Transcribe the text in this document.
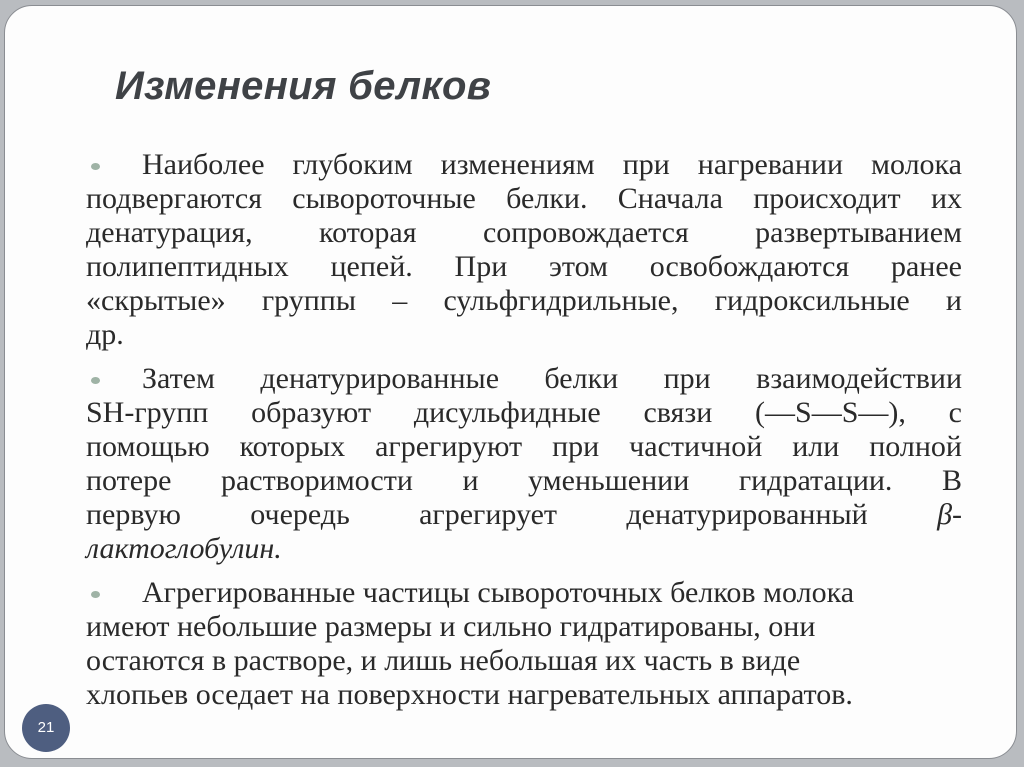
Изменения белков
Наиболее глубоким изменениям при нагревании молока
подвергаются сывороточные белки. Сначала происходит их
денатурация, которая сопровождается развертыванием
полипептидных цепей. При этом освобождаются ранее
«скрытые» группы – сульфгидрильные, гидроксильные и
др.
Затем денатурированные белки при взаимодействии
SH-групп образуют дисульфидные связи (—S—S—), с
помощью которых агрегируют при частичной или полной
потере растворимости и уменьшении гидратации. В
первую очередь агрегирует денатурированный β-
лактоглобулин.
Агрегированные частицы сывороточных белков молока
имеют небольшие размеры и сильно гидратированы, они
остаются в растворе, и лишь небольшая их часть в виде
хлопьев оседает на поверхности нагревательных аппаратов.
21
